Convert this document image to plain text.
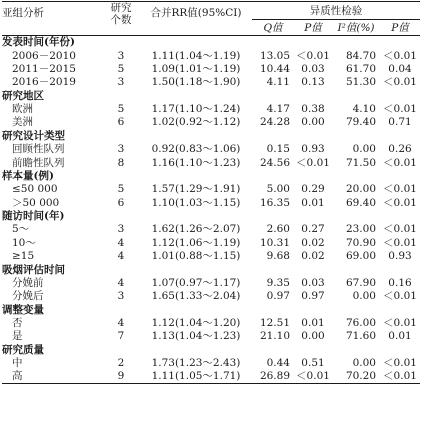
亚组分析	研究
个数	合并RR值(95%CI)	异质性检验			
			Q值	P值	I²值(%)	P值
发表时间(年份)						
2006－2010	3	1.11(1.04～1.19)	13.05	＜0.01	84.70	＜0.01
2011－2015	5	1.09(1.01～1.19)	10.44	0.03	61.70	0.04
2016－2019	3	1.50(1.18～1.90)	4.11	0.13	51.30	＜0.01
研究地区						
欧洲	5	1.17(1.10～1.24)	4.17	0.38	4.10	＜0.01
美洲	6	1.02(0.92～1.12)	24.28	0.00	79.40	0.71
研究设计类型						
回顾性队列	3	0.92(0.83～1.06)	0.15	0.93	0.00	0.26
前瞻性队列	8	1.16(1.10～1.23)	24.56	＜0.01	71.50	＜0.01
样本量(例)						
≤50 000	5	1.57(1.29～1.91)	5.00	0.29	20.00	＜0.01
＞50 000	6	1.10(1.03～1.15)	16.35	0.01	69.40	＜0.01
随访时间(年)						
5～	3	1.62(1.26～2.07)	2.60	0.27	23.00	＜0.01
10～	4	1.12(1.06～1.19)	10.31	0.02	70.90	＜0.01
≥15	4	1.01(0.88～1.15)	9.68	0.02	69.00	0.93
吸烟评估时间						
分娩前	4	1.07(0.97～1.17)	9.35	0.03	67.90	0.16
分娩后	3	1.65(1.33～2.04)	0.97	0.97	0.00	＜0.01
调整变量						
否	4	1.12(1.04～1.20)	12.51	0.01	76.00	＜0.01
是	7	1.13(1.04～1.23)	21.10	0.00	71.60	0.01
研究质量						
中	2	1.73(1.23～2.43)	0.44	0.51	0.00	＜0.01
高	9	1.11(1.05～1.71)	26.89	＜0.01	70.20	＜0.01
